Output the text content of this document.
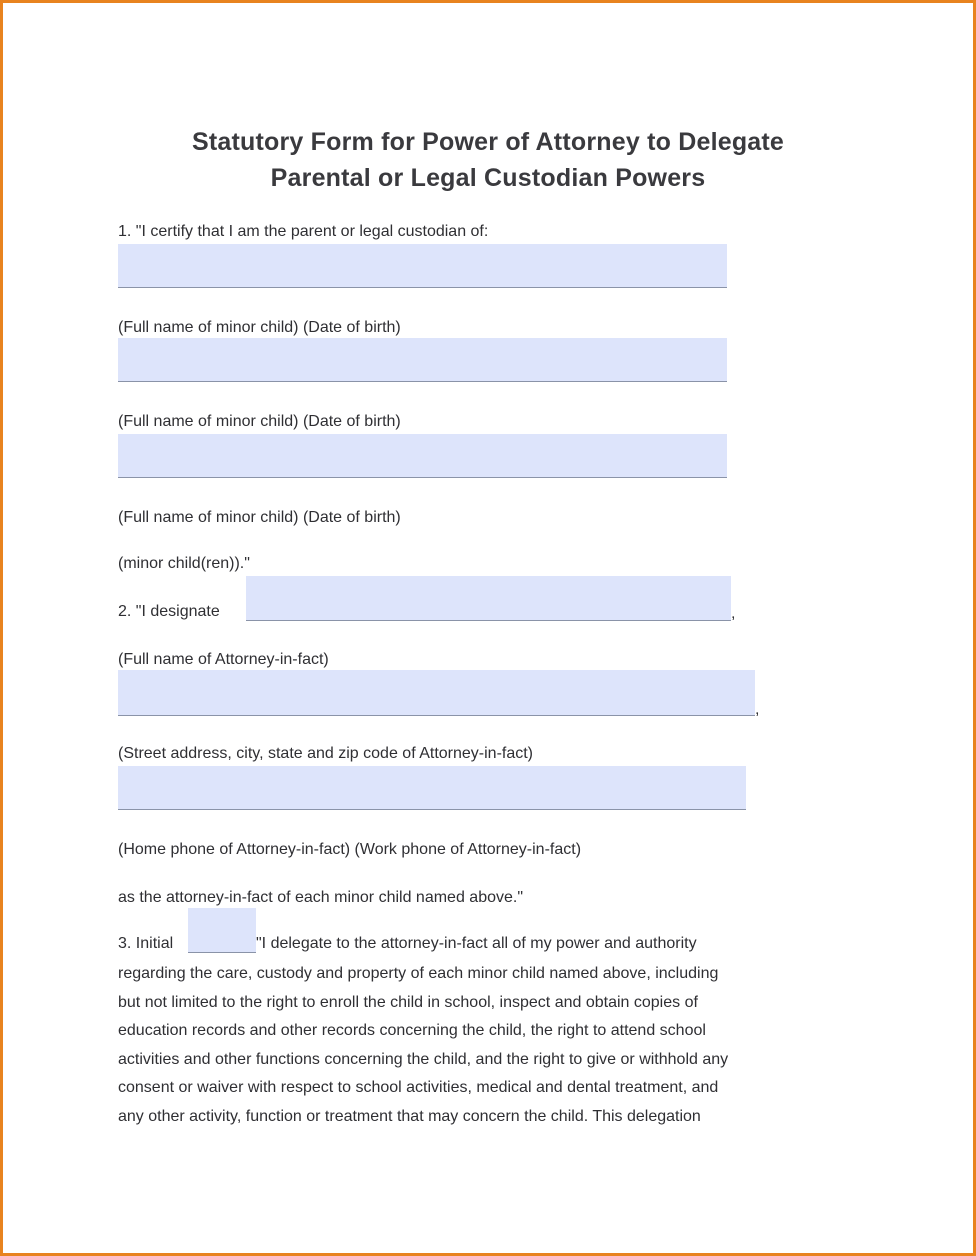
Statutory Form for Power of Attorney to Delegate
Parental or Legal Custodian Powers
1. "I certify that I am the parent or legal custodian of:
(Full name of minor child) (Date of birth)
(Full name of minor child) (Date of birth)
(Full name of minor child) (Date of birth)
(minor child(ren))."
2. "I designate	,
(Full name of Attorney-in-fact)
,
(Street address, city, state and zip code of Attorney-in-fact)
(Home phone of Attorney-in-fact) (Work phone of Attorney-in-fact)
as the attorney-in-fact of each minor child named above."
3. Initial	"I delegate to the attorney-in-fact all of my power and authority
regarding the care, custody and property of each minor child named above, including
but not limited to the right to enroll the child in school, inspect and obtain copies of
education records and other records concerning the child, the right to attend school
activities and other functions concerning the child, and the right to give or withhold any
consent or waiver with respect to school activities, medical and dental treatment, and
any other activity, function or treatment that may concern the child. This delegation
